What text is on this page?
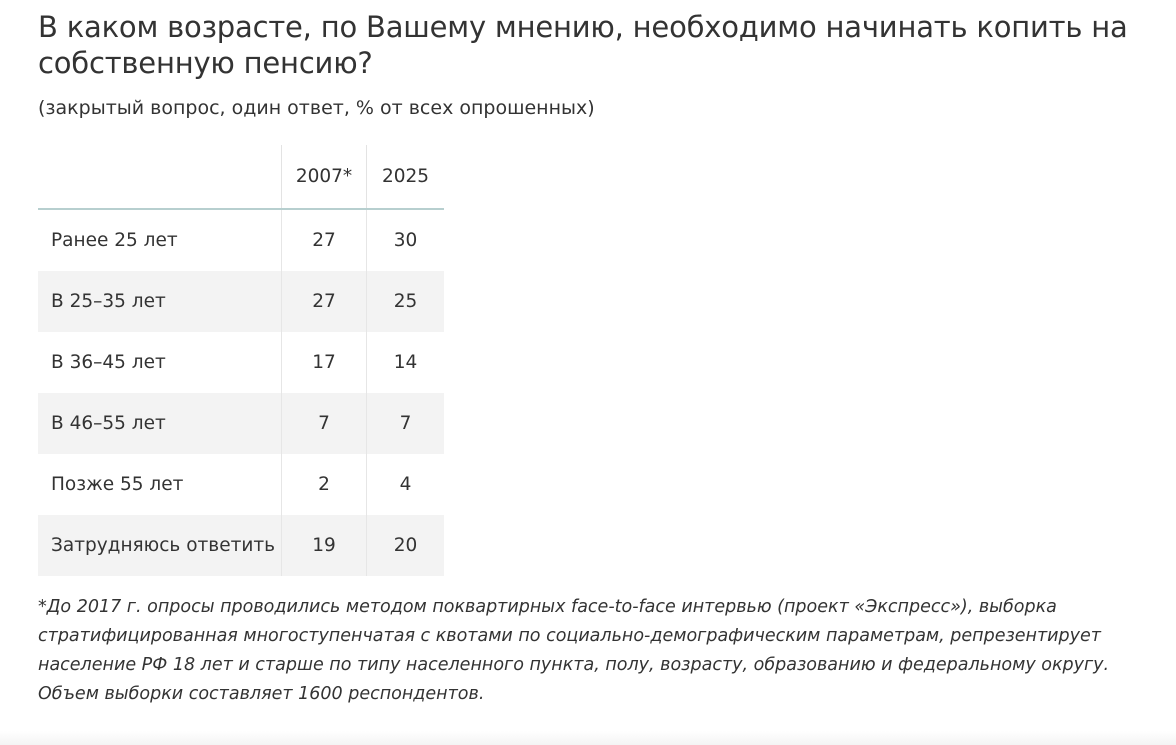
В каком возрасте, по Вашему мнению, необходимо начинать копить на собственную пенсию?
(закрытый вопрос, один ответ, % от всех опрошенных)
	2007*	2025
Ранее 25 лет	27	30
В 25–35 лет	27	25
В 36–45 лет	17	14
В 46–55 лет	7	7
Позже 55 лет	2	4
Затрудняюсь ответить	19	20
*До 2017 г. опросы проводились методом поквартирных face-to-face интервью (проект «Экспресс»), выборка стратифицированная многоступенчатая с квотами по социально-демографическим параметрам, репрезентирует население РФ 18 лет и старше по типу населенного пункта, полу, возрасту, образованию и федеральному округу. Объем выборки составляет 1600 респондентов.
